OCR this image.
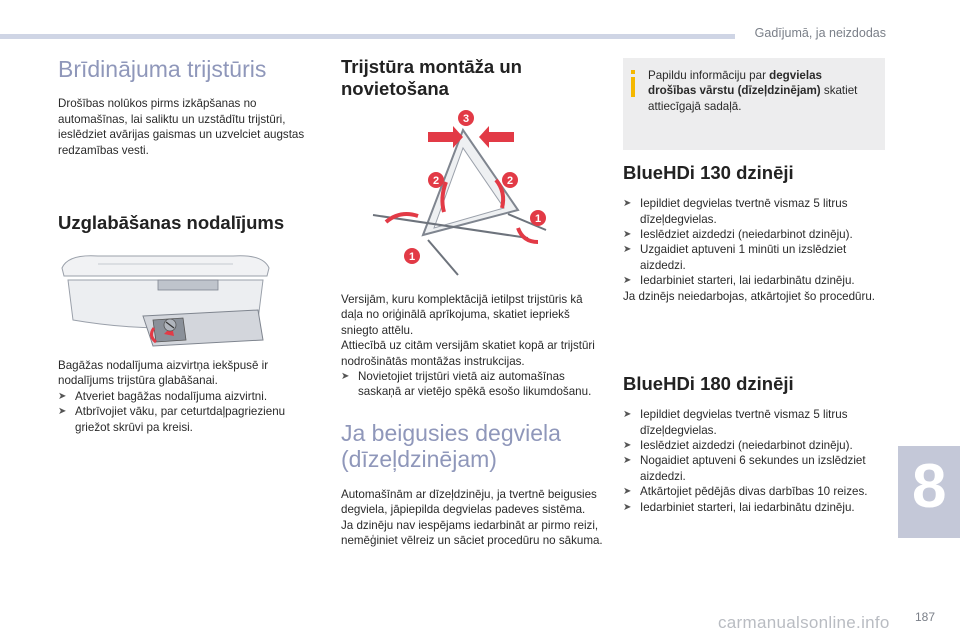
Gadījumā, ja neizdodas
Brīdinājuma trijstūris

Drošības nolūkos pirms izkāpšanas no automašīnas, lai saliktu un uzstādītu trijstūri, ieslēdziet avārijas gaismas un uzvelciet augstas redzamības vesti.

Uzglabāšanas nodalījums

Bagāžas nodalījuma aizvirtņa iekšpusē ir nodalījums trijstūra glabāšanai.

➤ Atveriet bagāžas nodalījuma aizvirtni.
➤ Atbrīvojiet vāku, par ceturtdaļpagriezienu griežot skrūvi pa kreisi.
Trijstūra montāža un novietošana
3
2	2
1
1

Versijām, kuru komplektācijā ietilpst trijstūris kā daļa no oriģinālā aprīkojuma, skatiet iepriekš sniegto attēlu.

Attiecībā uz citām versijām skatiet kopā ar trijstūri nodrošinātās montāžas instrukcijas.

➤ Novietojiet trijstūri vietā aiz automašīnas saskaņā ar vietējo spēkā esošo likumdošanu.
Ja beigusies degviela (dīzeļdzinējam)

Automašīnām ar dīzeļdzinēju, ja tvertnē beigusies degviela, jāpiepilda degvielas padeves sistēma.

Ja dzinēju nav iespējams iedarbināt ar pirmo reizi, nemēģiniet vēlreiz un sāciet procedūru no sākuma.

Papildu informāciju par degvielas drošības vārstu (dīzeļdzinējam) skatiet attiecīgajā sadaļā.

BlueHDi 130 dzinēji
➤ Iepildiet degvielas tvertnē vismaz 5 litrus dīzeļdegvielas.
➤ Ieslēdziet aizdedzi (neiedarbinot dzinēju).
➤ Uzgaidiet aptuveni 1 minūti un izslēdziet aizdedzi.
➤ Iedarbiniet starteri, lai iedarbinātu dzinēju.

Ja dzinējs neiedarbojas, atkārtojiet šo procedūru.

BlueHDi 180 dzinēji
➤ Iepildiet degvielas tvertnē vismaz 5 litrus dīzeļdegvielas.
➤ Ieslēdziet aizdedzi (neiedarbinot dzinēju).
➤ Nogaidiet aptuveni 6 sekundes un izslēdziet aizdedzi.
➤ Atkārtojiet pēdējās divas darbības 10 reizes.
➤ Iedarbiniet starteri, lai iedarbinātu dzinēju. 8
carmanualsonline.info 187
